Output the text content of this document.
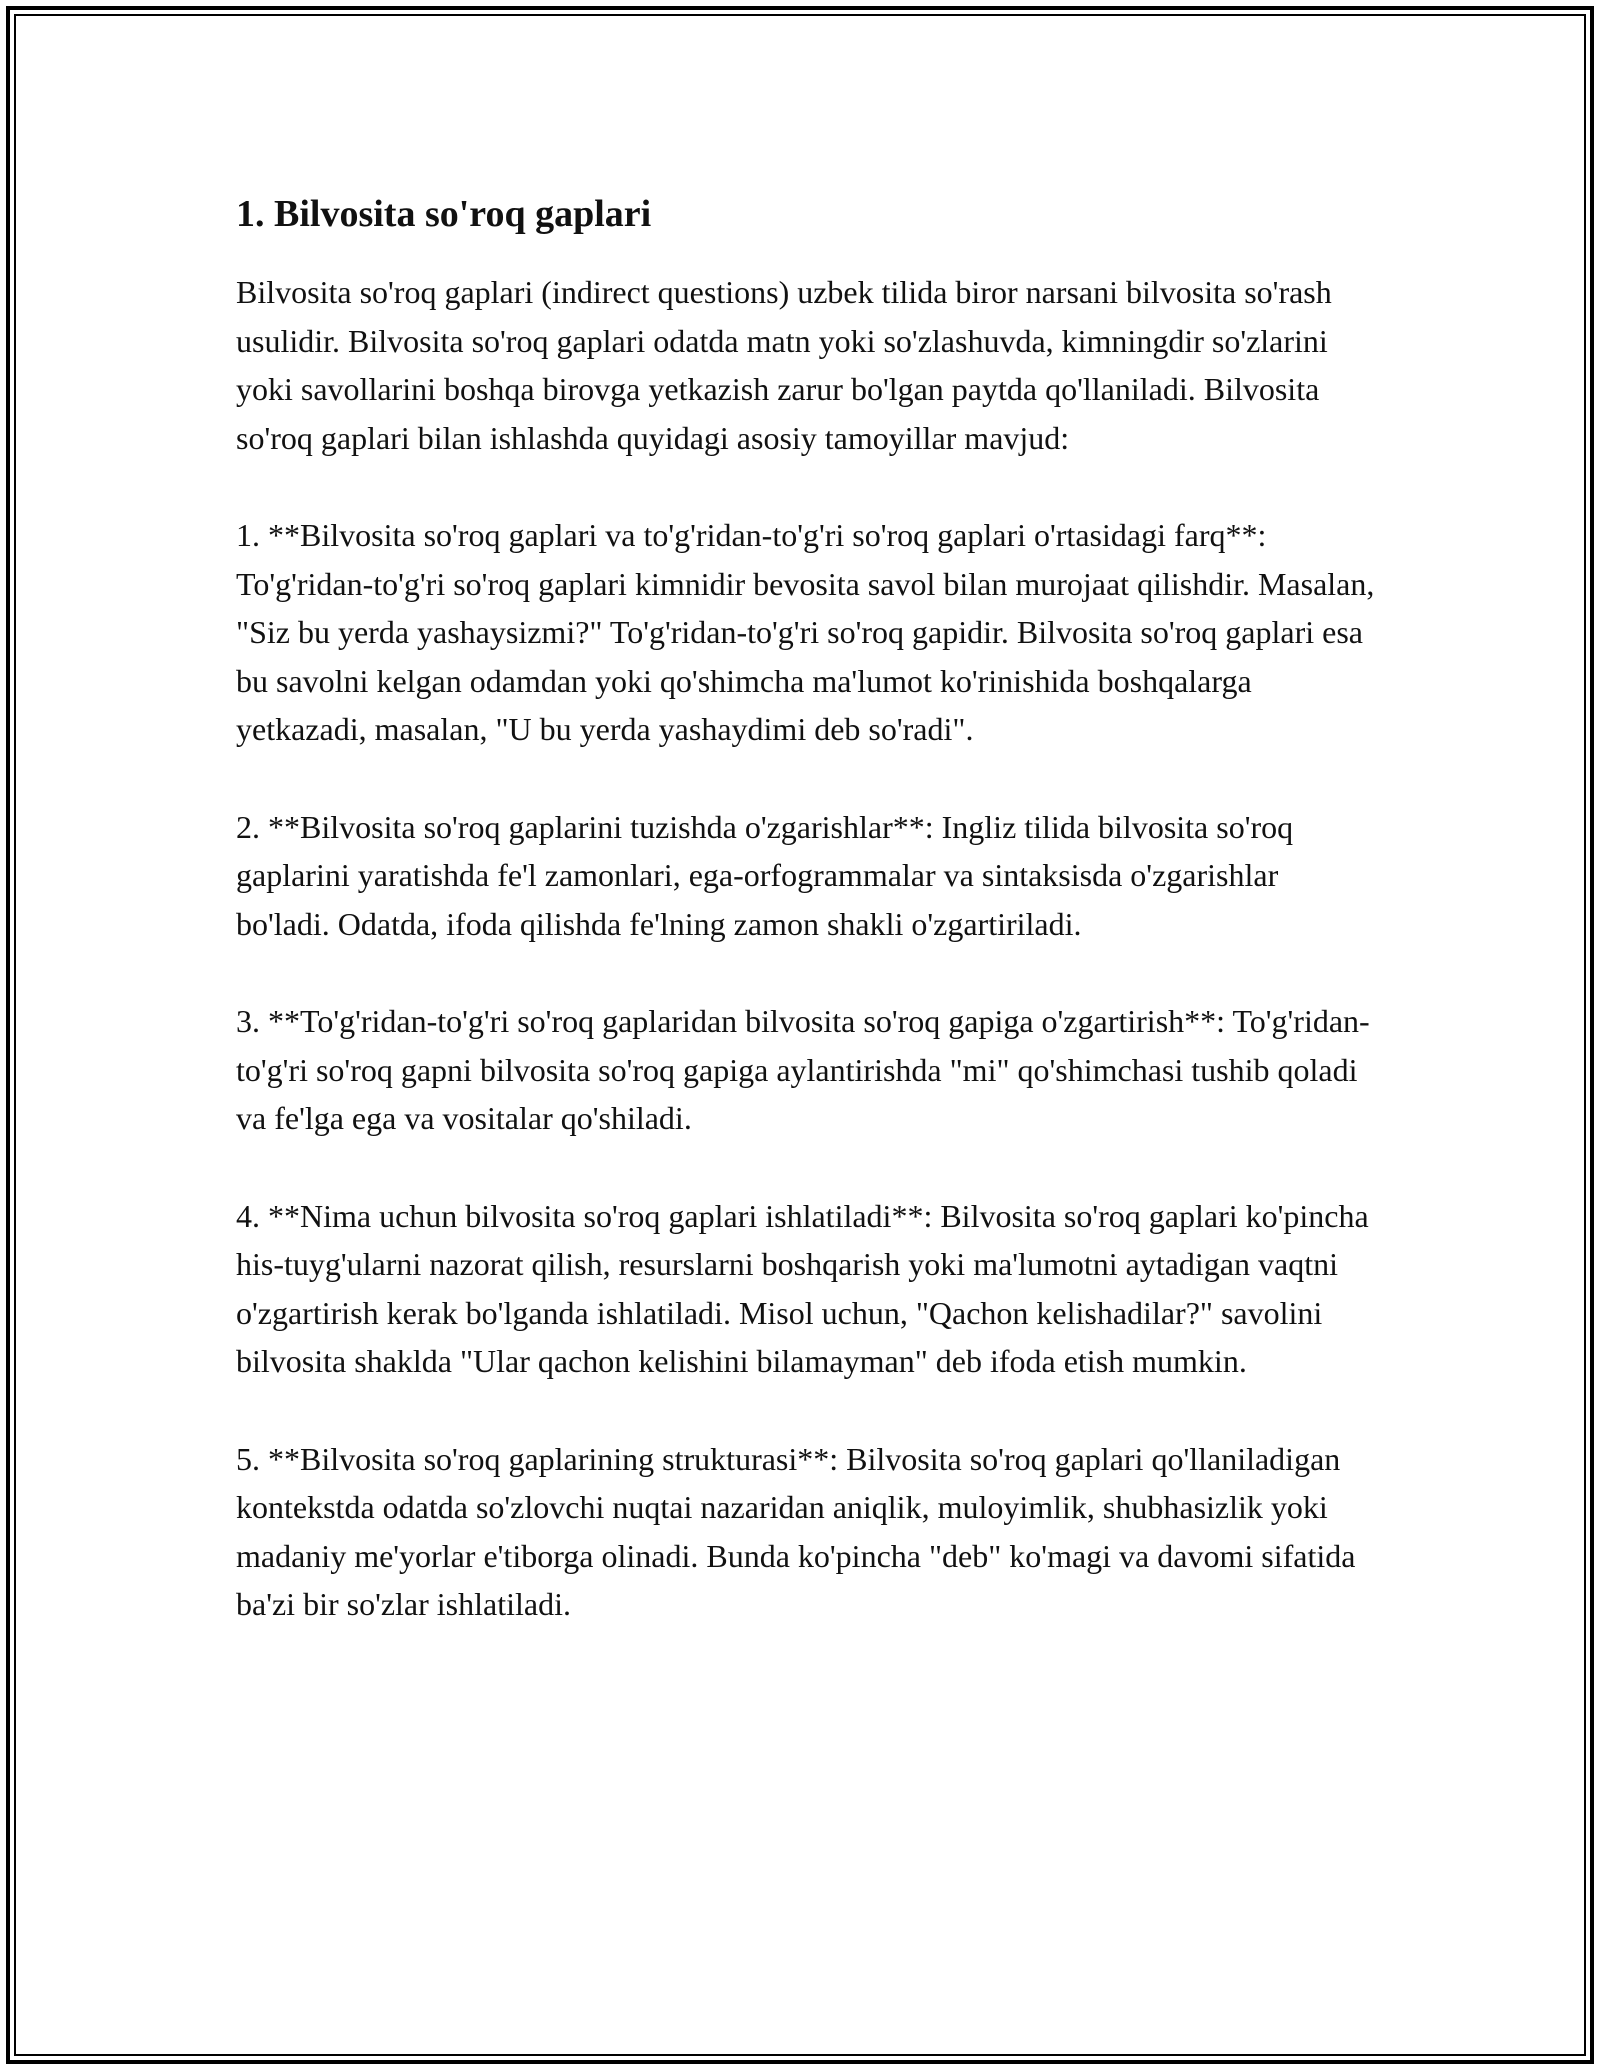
1. Bilvosita so'roq gaplari

Bilvosita so'roq gaplari (indirect questions) uzbek tilida biror narsani bilvosita so'rash usulidir. Bilvosita so'roq gaplari odatda matn yoki so'zlashuvda, kimningdir so'zlarini yoki savollarini boshqa birovga yetkazish zarur bo'lgan paytda qo'llaniladi. Bilvosita so'roq gaplari bilan ishlashda quyidagi asosiy tamoyillar mavjud:

1. **Bilvosita so'roq gaplari va to'g'ridan-to'g'ri so'roq gaplari o'rtasidagi farq**: To'g'ridan-to'g'ri so'roq gaplari kimnidir bevosita savol bilan murojaat qilishdir. Masalan, "Siz bu yerda yashaysizmi?" To'g'ridan-to'g'ri so'roq gapidir. Bilvosita so'roq gaplari esa bu savolni kelgan odamdan yoki qo'shimcha ma'lumot ko'rinishida boshqalarga yetkazadi, masalan, "U bu yerda yashaydimi deb so'radi".

2. **Bilvosita so'roq gaplarini tuzishda o'zgarishlar**: Ingliz tilida bilvosita so'roq gaplarini yaratishda fe'l zamonlari, ega-orfogrammalar va sintaksisda o'zgarishlar bo'ladi. Odatda, ifoda qilishda fe'lning zamon shakli o'zgartiriladi.

3. **To'g'ridan-to'g'ri so'roq gaplaridan bilvosita so'roq gapiga o'zgartirish**: To'g'ridan-to'g'ri so'roq gapni bilvosita so'roq gapiga aylantirishda "mi" qo'shimchasi tushib qoladi va fe'lga ega va vositalar qo'shiladi.

4. **Nima uchun bilvosita so'roq gaplari ishlatiladi**: Bilvosita so'roq gaplari ko'pincha his-tuyg'ularni nazorat qilish, resurslarni boshqarish yoki ma'lumotni aytadigan vaqtni o'zgartirish kerak bo'lganda ishlatiladi. Misol uchun, "Qachon kelishadilar?" savolini bilvosita shaklda "Ular qachon kelishini bilamayman" deb ifoda etish mumkin.

5. **Bilvosita so'roq gaplarining strukturasi**: Bilvosita so'roq gaplari qo'llaniladigan kontekstda odatda so'zlovchi nuqtai nazaridan aniqlik, muloyimlik, shubhasizlik yoki madaniy me'yorlar e'tiborga olinadi. Bunda ko'pincha "deb" ko'magi va davomi sifatida ba'zi bir so'zlar ishlatiladi.
